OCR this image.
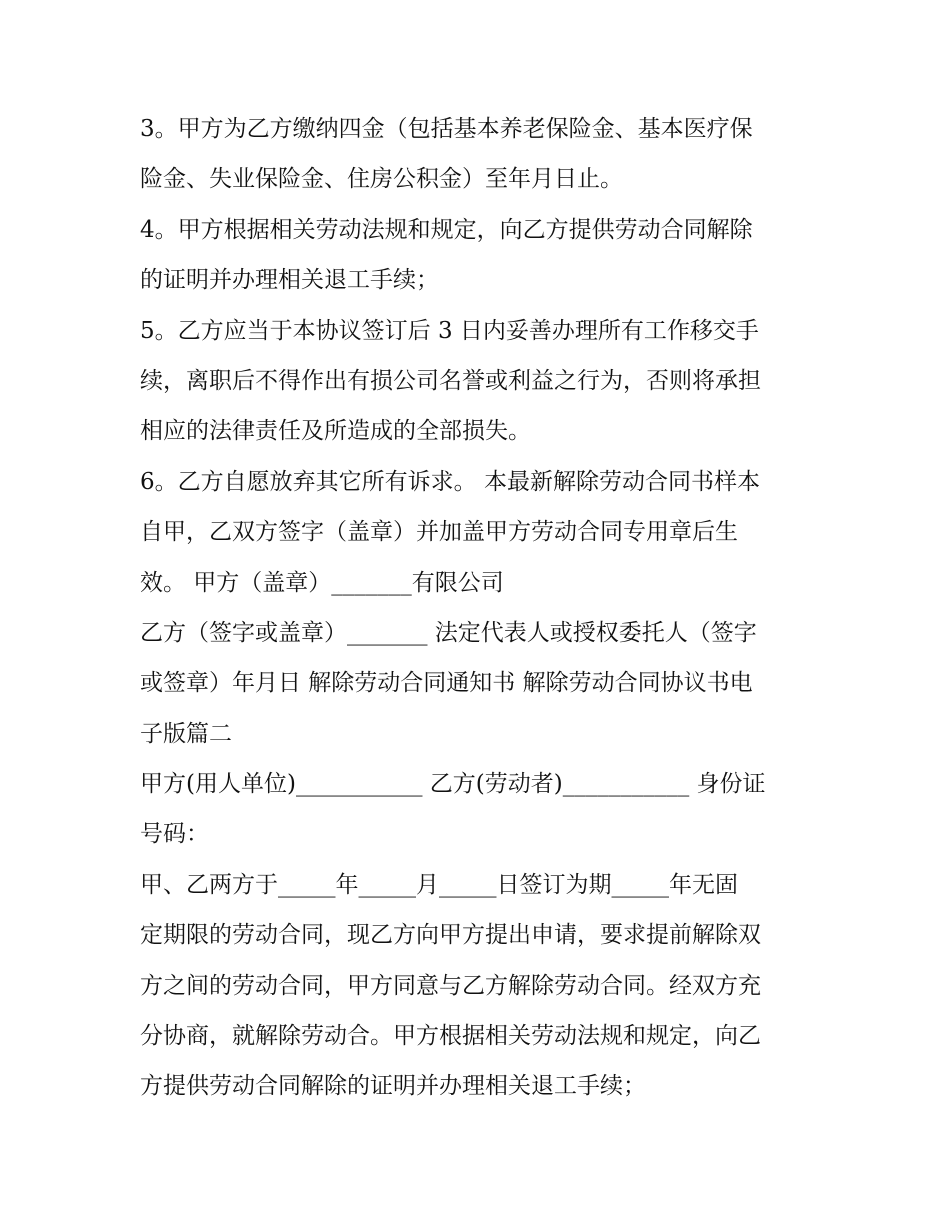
3。甲方为乙方缴纳四金（包括基本养老保险金、基本医疗保
险金、失业保险金、住房公积金）至年月日止。
4。甲方根据相关劳动法规和规定，向乙方提供劳动合同解除
的证明并办理相关退工手续；
5。乙方应当于本协议签订后 3 日内妥善办理所有工作移交手
续，离职后不得作出有损公司名誉或利益之行为，否则将承担
相应的法律责任及所造成的全部损失。
6。乙方自愿放弃其它所有诉求。 本最新解除劳动合同书样本
自甲，乙双方签字（盖章）并加盖甲方劳动合同专用章后生
效。 甲方（盖章）_______有限公司
乙方（签字或盖章）_______ 法定代表人或授权委托人（签字
或签章）年月日 解除劳动合同通知书 解除劳动合同协议书电
子版篇二
甲方(用人单位)___________ 乙方(劳动者)___________ 身份证
号码：
甲、乙两方于_____年_____月_____日签订为期_____年无固
定期限的劳动合同，现乙方向甲方提出申请，要求提前解除双
方之间的劳动合同，甲方同意与乙方解除劳动合同。经双方充
分协商，就解除劳动合。甲方根据相关劳动法规和规定，向乙
方提供劳动合同解除的证明并办理相关退工手续；
